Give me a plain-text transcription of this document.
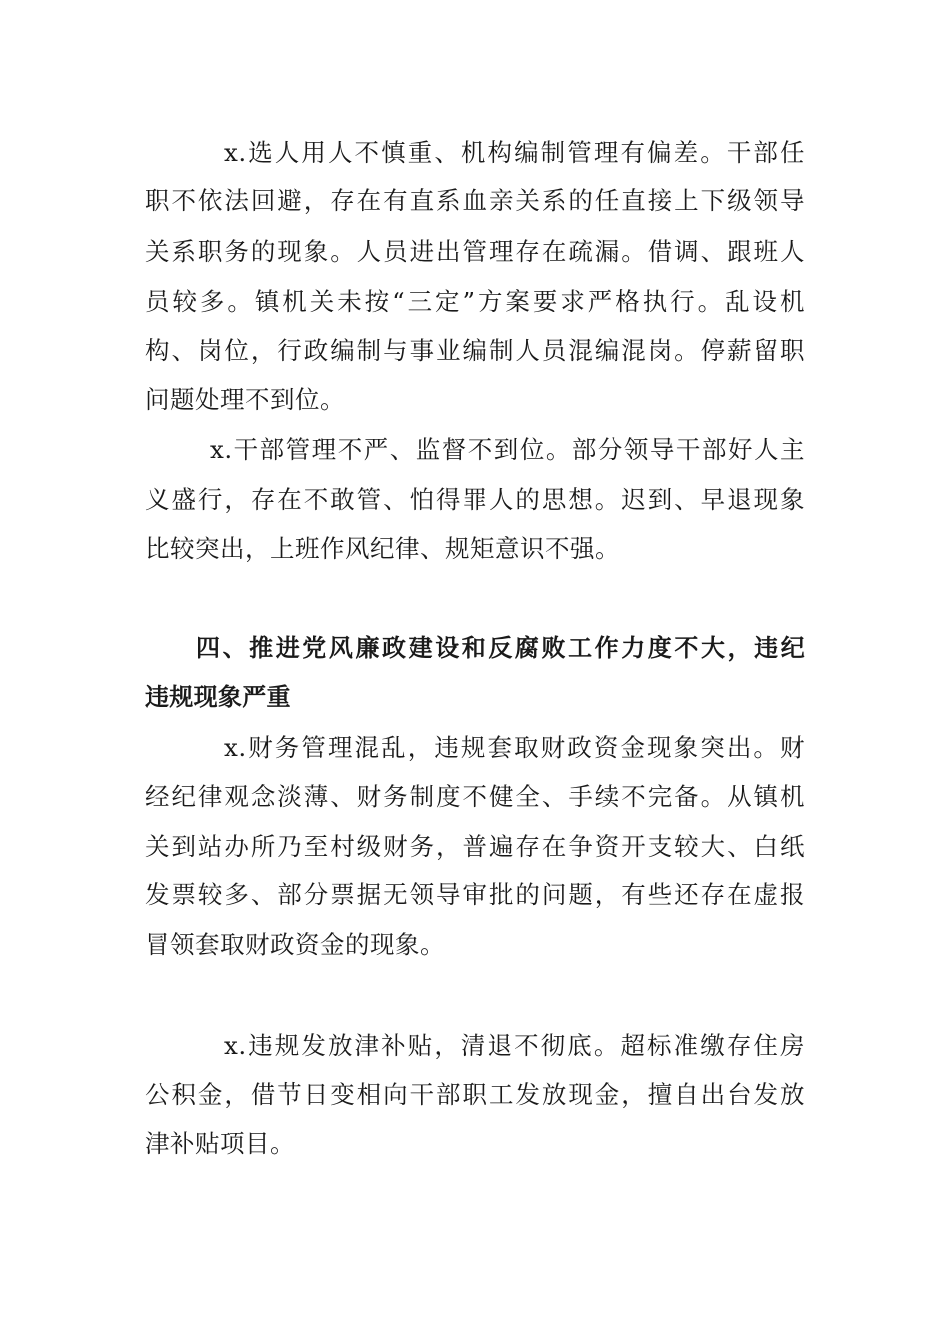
x.选人用人不慎重、机构编制管理有偏差。干部任
职不依法回避，存在有直系血亲关系的任直接上下级领导
关系职务的现象。人员进出管理存在疏漏。借调、跟班人
员较多。镇机关未按“三定”方案要求严格执行。乱设机
构、岗位，行政编制与事业编制人员混编混岗。停薪留职
问题处理不到位。
x.干部管理不严、监督不到位。部分领导干部好人主
义盛行，存在不敢管、怕得罪人的思想。迟到、早退现象
比较突出，上班作风纪律、规矩意识不强。
四、推进党风廉政建设和反腐败工作力度不大，违纪
违规现象严重
x.财务管理混乱，违规套取财政资金现象突出。财
经纪律观念淡薄、财务制度不健全、手续不完备。从镇机
关到站办所乃至村级财务，普遍存在争资开支较大、白纸
发票较多、部分票据无领导审批的问题，有些还存在虚报
冒领套取财政资金的现象。
x.违规发放津补贴，清退不彻底。超标准缴存住房
公积金，借节日变相向干部职工发放现金，擅自出台发放
津补贴项目。
